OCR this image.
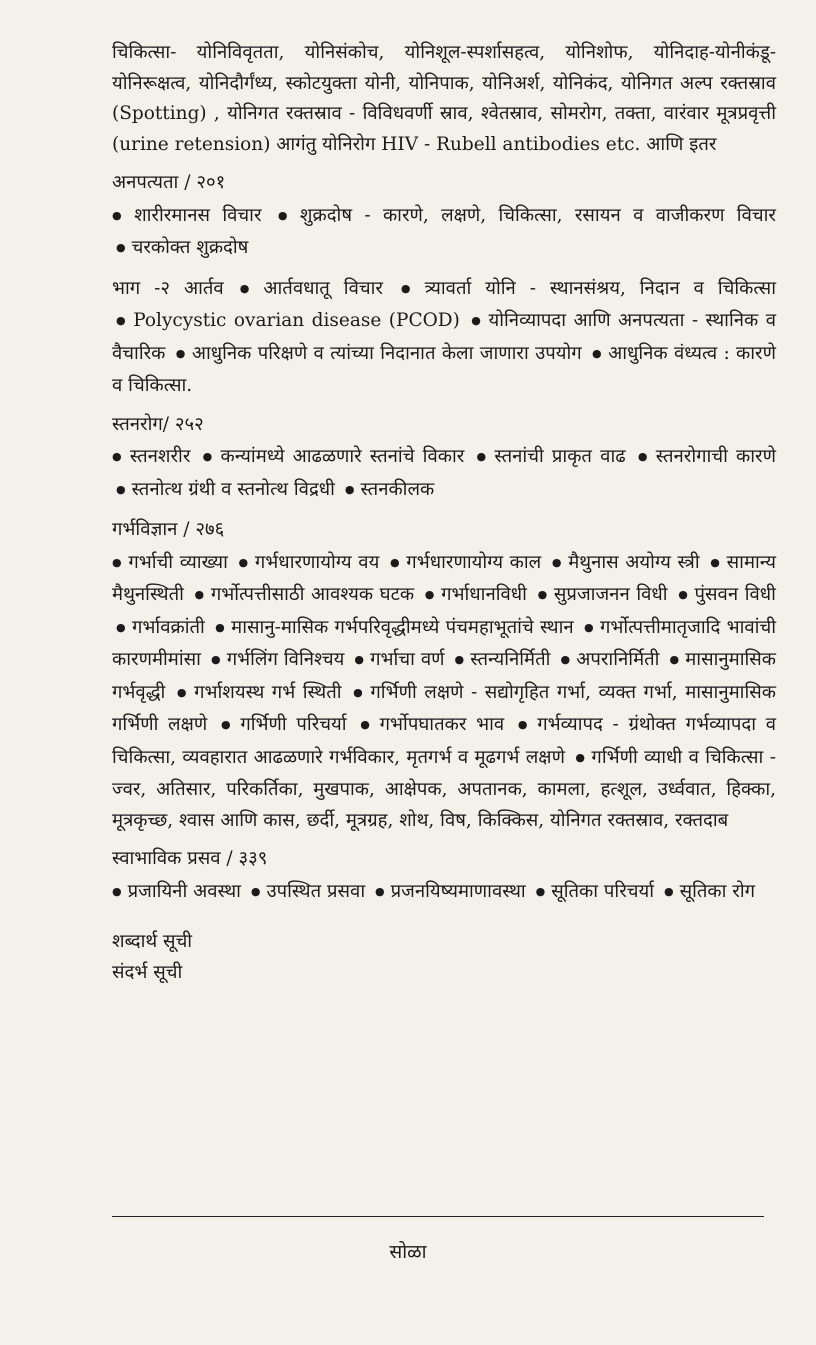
चिकित्सा- योनिविवृतता, योनिसंकोच, योनिशूल-स्पर्शासहत्व, योनिशोफ, योनिदाह-योनीकंडू-योनिरूक्षत्व, योनिदौर्गंध्य, स्कोटयुक्ता योनी, योनिपाक, योनिअर्श, योनिकंद, योनिगत अल्प रक्तस्राव (Spotting) , योनिगत रक्तस्राव - विविधवर्णी स्राव, श्वेतस्राव, सोमरोग, तक्ता, वारंवार मूत्रप्रवृत्ती (urine retension) आगंतु योनिरोग HIV - Rubell antibodies etc. आणि इतर

अनपत्यता / २०१

● शारीरमानस विचार ● शुक्रदोष - कारणे, लक्षणे, चिकित्सा, रसायन व वाजीकरण विचार ● चरकोक्त शुक्रदोष

भाग -२ आर्तव ● आर्तवधातू विचार ● त्र्यावर्ता योनि - स्थानसंश्रय, निदान व चिकित्सा ● Polycystic ovarian disease (PCOD) ● योनिव्यापदा आणि अनपत्यता - स्थानिक व वैचारिक ● आधुनिक परिक्षणे व त्यांच्या निदानात केला जाणारा उपयोग ● आधुनिक वंध्यत्व : कारणे व चिकित्सा.

स्तनरोग/ २५२

● स्तनशरीर ● कन्यांमध्ये आढळणारे स्तनांचे विकार ● स्तनांची प्राकृत वाढ ● स्तनरोगाची कारणे ● स्तनोत्थ ग्रंथी व स्तनोत्थ विद्रधी ● स्तनकीलक

गर्भविज्ञान / २७६

● गर्भाची व्याख्या ● गर्भधारणायोग्य वय ● गर्भधारणायोग्य काल ● मैथुनास अयोग्य स्त्री ● सामान्य मैथुनस्थिती ● गर्भोत्पत्तीसाठी आवश्यक घटक ● गर्भाधानविधी ● सुप्रजाजनन विधी ● पुंसवन विधी ● गर्भावक्रांती ● मासानु-मासिक गर्भपरिवृद्धीमध्ये पंचमहाभूतांचे स्थान ● गर्भोत्पत्तीमातृजादि भावांची कारणमीमांसा ● गर्भलिंग विनिश्चय ● गर्भाचा वर्ण ● स्तन्यनिर्मिती ● अपरानिर्मिती ● मासानुमासिक गर्भवृद्धी ● गर्भाशयस्थ गर्भ स्थिती ● गर्भिणी लक्षणे - सद्योगृहित गर्भा, व्यक्त गर्भा, मासानुमासिक गर्भिणी लक्षणे ● गर्भिणी परिचर्या ● गर्भोपघातकर भाव ● गर्भव्यापद - ग्रंथोक्त गर्भव्यापदा व चिकित्सा, व्यवहारात आढळणारे गर्भविकार, मृतगर्भ व मूढगर्भ लक्षणे ● गर्भिणी व्याधी व चिकित्सा - ज्वर, अतिसार, परिकर्तिका, मुखपाक, आक्षेपक, अपतानक, कामला, हत्शूल, उर्ध्ववात, हिक्का, मूत्रकृच्छ, श्वास आणि कास, छर्दी, मूत्रग्रह, शोथ, विष, किक्किस, योनिगत रक्तस्राव, रक्तदाब

स्वाभाविक प्रसव / ३३९

● प्रजायिनी अवस्था ● उपस्थित प्रसवा ● प्रजनयिष्यमाणावस्था ● सूतिका परिचर्या ● सूतिका रोग

शब्दार्थ सूची

संदर्भ सूची

सोळा
